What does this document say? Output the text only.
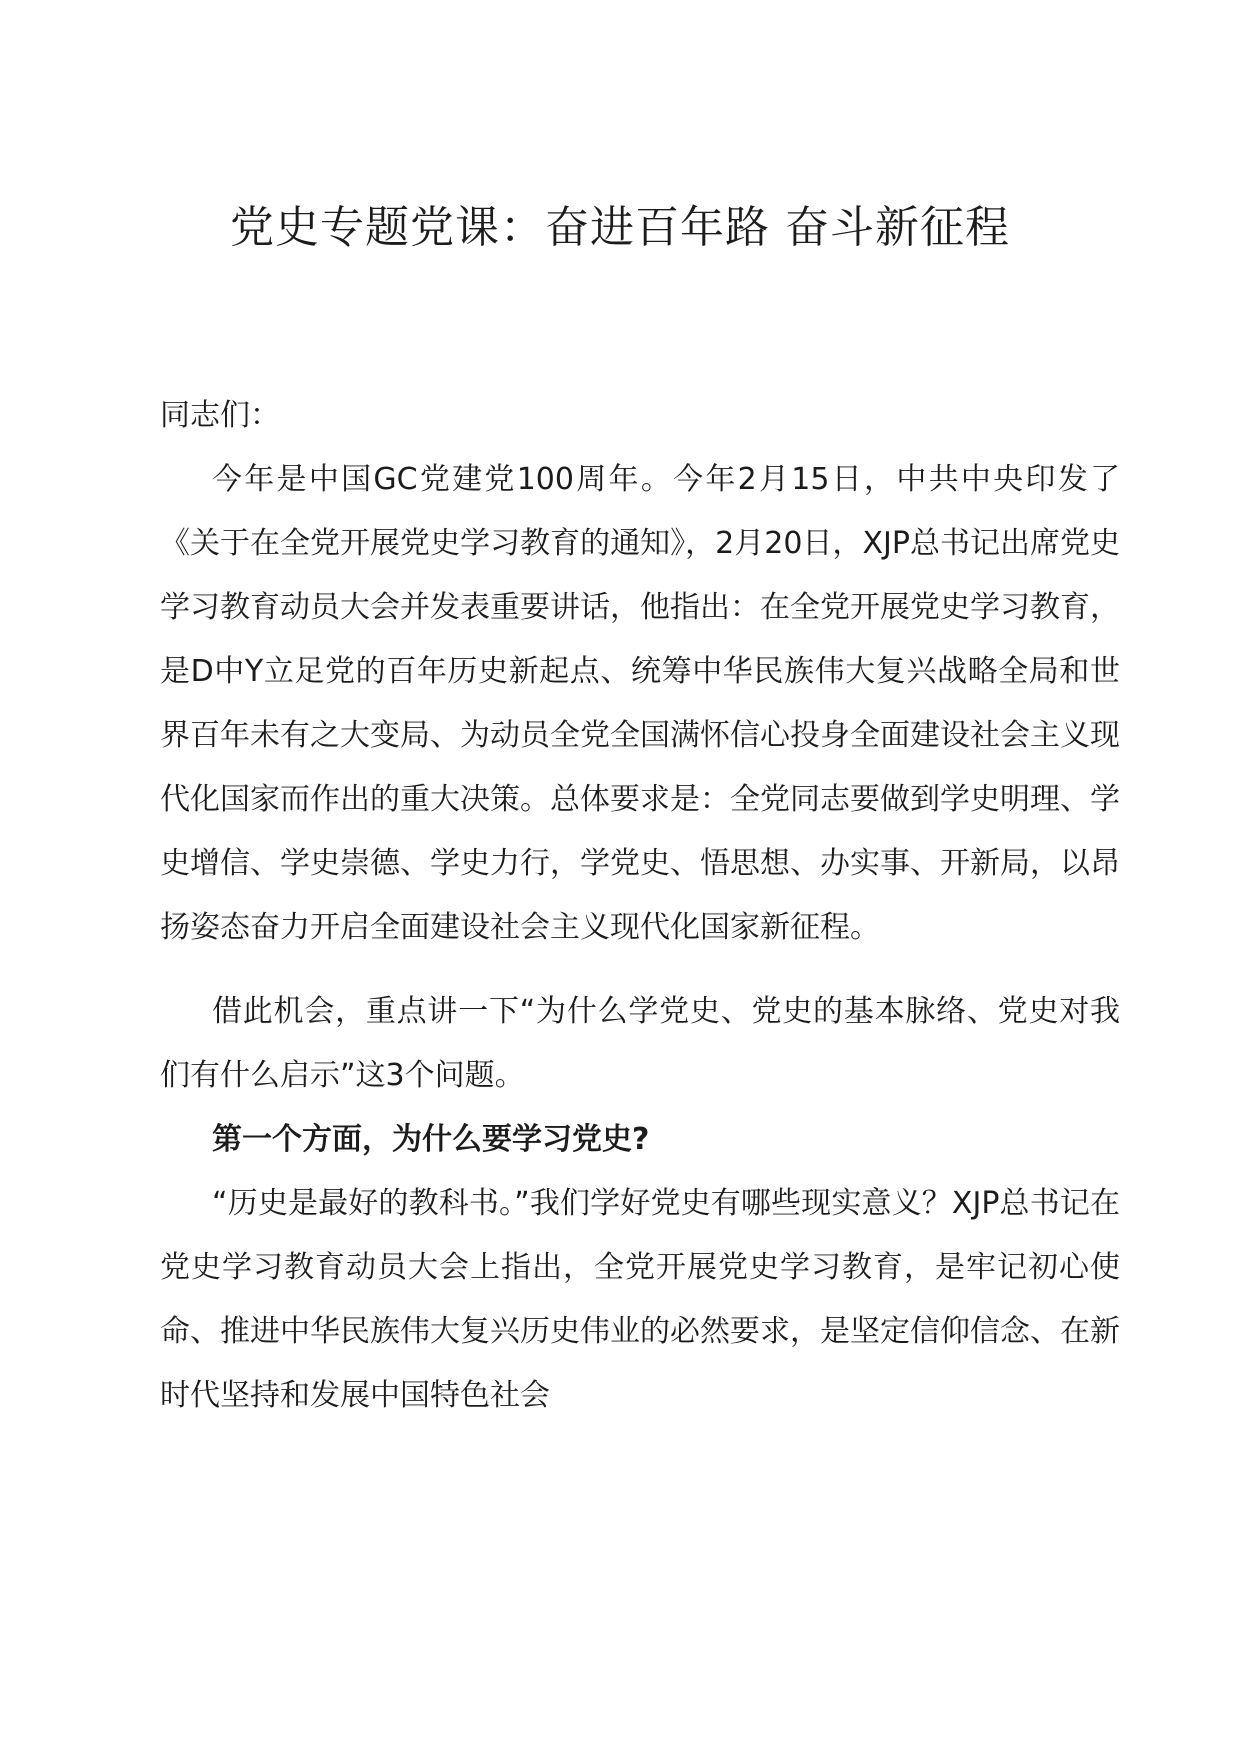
党史专题党课：奋进百年路 奋斗新征程

同志们：

今年是中国GC党建党100周年。今年2月15日，中共中央印发了《关于在全党开展党史学习教育的通知》，2月20日，XJP总书记出席党史学习教育动员大会并发表重要讲话，他指出：在全党开展党史学习教育，是D中Y立足党的百年历史新起点、统筹中华民族伟大复兴战略全局和世界百年未有之大变局、为动员全党全国满怀信心投身全面建设社会主义现代化国家而作出的重大决策。总体要求是：全党同志要做到学史明理、学史增信、学史崇德、学史力行，学党史、悟思想、办实事、开新局，以昂扬姿态奋力开启全面建设社会主义现代化国家新征程。

借此机会，重点讲一下“为什么学党史、党史的基本脉络、党史对我们有什么启示”这3个问题。

第一个方面，为什么要学习党史?

“历史是最好的教科书。”我们学好党史有哪些现实意义？XJP总书记在党史学习教育动员大会上指出，全党开展党史学习教育，是牢记初心使命、推进中华民族伟大复兴历史伟业的必然要求，是坚定信仰信念、在新时代坚持和发展中国特色社会
